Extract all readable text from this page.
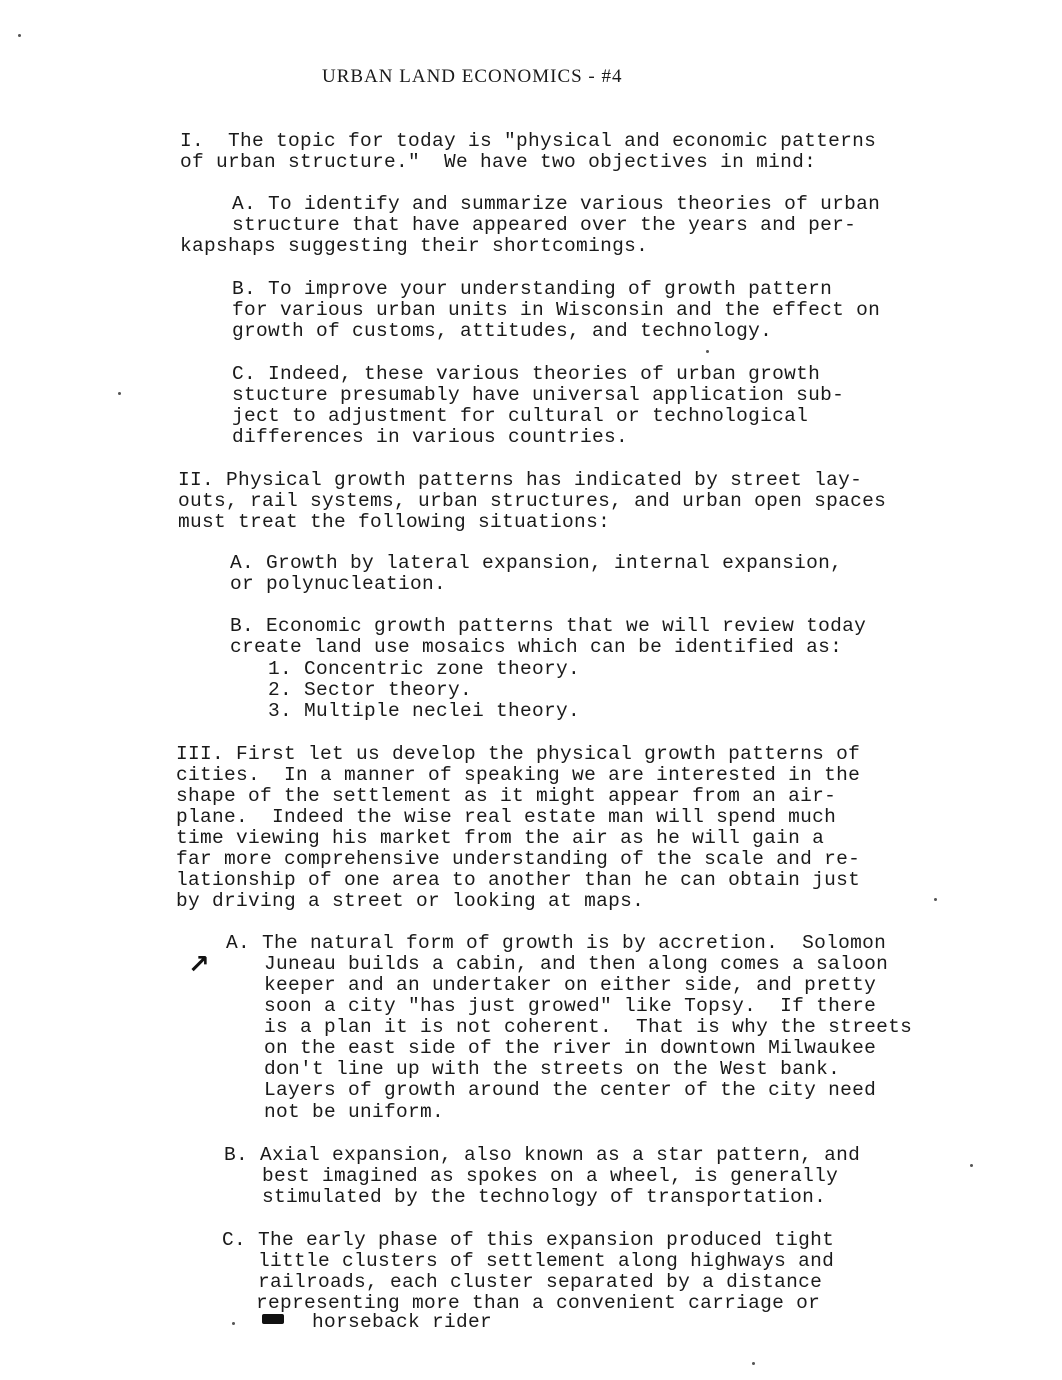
URBAN LAND ECONOMICS - #4
I.  The topic for today is "physical and economic patterns
of urban structure."  We have two objectives in mind:
A. To identify and summarize various theories of urban
structure that have appeared over the years and per-
kapshaps suggesting their shortcomings.
B. To improve your understanding of growth pattern
for various urban units in Wisconsin and the effect on
growth of customs, attitudes, and technology.
C. Indeed, these various theories of urban growth
stucture presumably have universal application sub-
ject to adjustment for cultural or technological
differences in various countries.
II. Physical growth patterns has indicated by street lay-
outs, rail systems, urban structures, and urban open spaces
must treat the following situations:
A. Growth by lateral expansion, internal expansion,
or polynucleation.
B. Economic growth patterns that we will review today
create land use mosaics which can be identified as:
1. Concentric zone theory.
2. Sector theory.
3. Multiple neclei theory.
III. First let us develop the physical growth patterns of
cities.  In a manner of speaking we are interested in the
shape of the settlement as it might appear from an air-
plane.  Indeed the wise real estate man will spend much
time viewing his market from the air as he will gain a
far more comprehensive understanding of the scale and re-
lationship of one area to another than he can obtain just
by driving a street or looking at maps.
↗
A. The natural form of growth is by accretion.  Solomon
Juneau builds a cabin, and then along comes a saloon
keeper and an undertaker on either side, and pretty
soon a city "has just growed" like Topsy.  If there
is a plan it is not coherent.  That is why the streets
on the east side of the river in downtown Milwaukee
don't line up with the streets on the West bank.
Layers of growth around the center of the city need
not be uniform.
B. Axial expansion, also known as a star pattern, and
best imagined as spokes on a wheel, is generally
stimulated by the technology of transportation.
C. The early phase of this expansion produced tight
little clusters of settlement along highways and
railroads, each cluster separated by a distance
representing more than a convenient carriage or
horseback rider
